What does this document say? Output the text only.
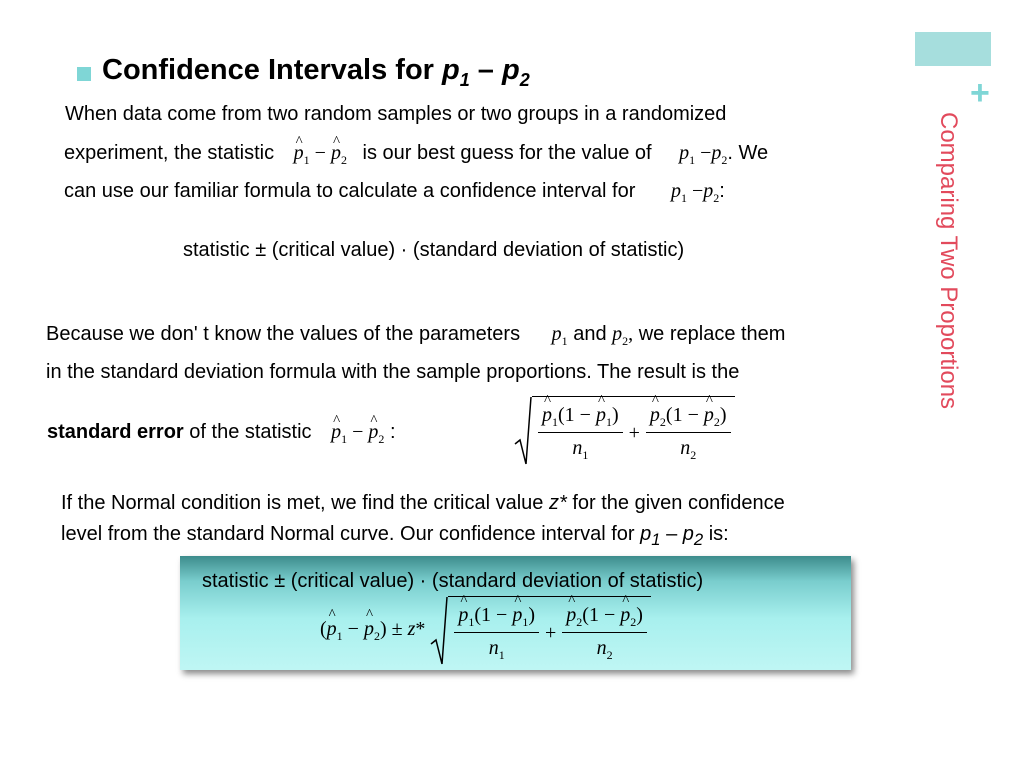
+
Comparing Two Proportions
Confidence Intervals for $p_1 - p_2$
When data come from two random samples or two groups in a randomized
experiment, the statistic ^ $p_1$ − ^ $p_2$ is our best guess for the value of $p_1 -p_2$. We
can use our familiar formula to calculate a confidence interval for $p_1 -p_2$:
statistic ± (critical value) · (standard deviation of statistic)
Because we don' t know the values of the parameters $p_1$ and $p_2$, we replace them
in the standard deviation formula with the sample proportions. The result is the
standard error of the statistic ^ $p_1$ − ^ $p_2$ :	^ $\frac{p_1(1 - \^{} p_1)}{n_1}$ + ^ $\frac{p_2(1 - \^{} p_2)}{n_2}$
If the Normal condition is met, we find the critical value z* for the given confidence
level from the standard Normal curve. Our confidence interval for $p_1 - p_2$ is:
statistic ± (critical value) · (standard deviation of statistic)
(^ $p_1$ − ^ $p_2) \pm z*$ ^ $\frac{p_1(1 - \^{} p_1)}{n_1}$ + ^ $\frac{p_2(1 - \^{} p_2)}{n_2}$
